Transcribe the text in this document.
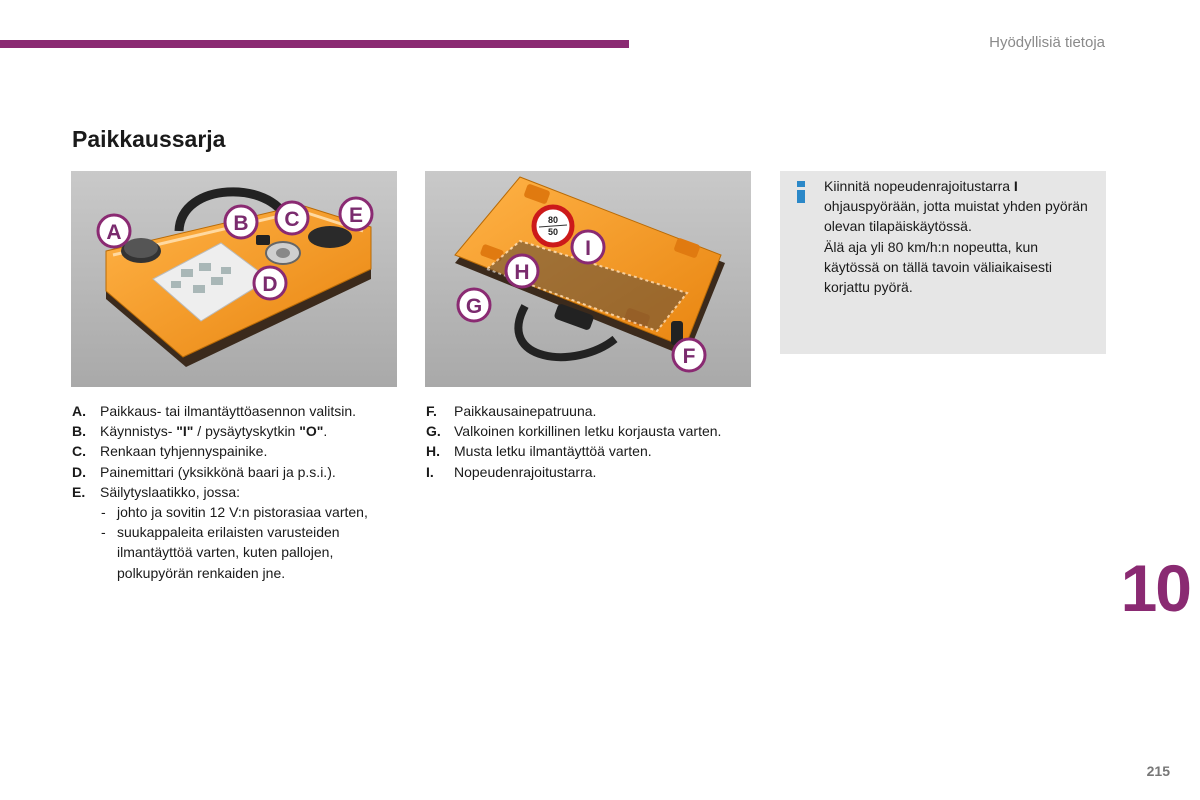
Hyödyllisiä tietoja
Paikkaussarja
A	B C
D
E	80
50
F
G
H
I

Kiinnitä nopeudenrajoitustarra I ohjauspyörään, jotta muistat yhden pyörän olevan tilapäiskäytössä.

Älä aja yli 80 km/h:n nopeutta, kun käytössä on tällä tavoin väliaikaisesti korjattu pyörä.

A. Paikkaus- tai ilmantäyttöasennon valitsin.
B. Käynnistys- "I" / pysäytyskytkin "O".
C. Renkaan tyhjennyspainike.
D. Painemittari (yksikkönä baari ja p.s.i.).
E. Säilytyslaatikko, jossa:
- johto ja sovitin 12 V:n pistorasiaa varten,
- suukappaleita erilaisten varusteiden ilmantäyttöä varten, kuten pallojen, polkupyörän renkaiden jne.
F. Paikkausainepatruuna.
G. Valkoinen korkillinen letku korjausta varten.
H. Musta letku ilmantäyttöä varten.
I. Nopeudenrajoitustarra.
10
215
